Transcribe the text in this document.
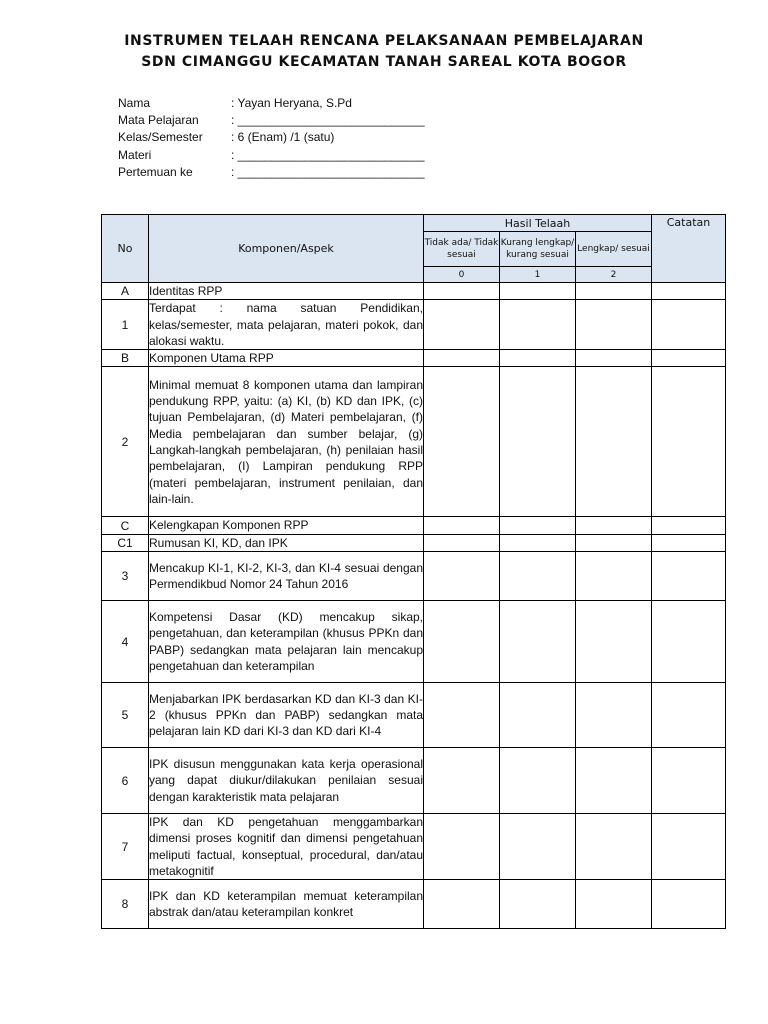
INSTRUMEN TELAAH RENCANA PELAKSANAAN PEMBELAJARAN
SDN CIMANGGU KECAMATAN TANAH SAREAL KOTA BOGOR
Nama	: Yayan Heryana, S.Pd
Mata Pelajaran	: ____________________________
Kelas/Semester	: 6 (Enam) /1 (satu)
Materi	: ____________________________
Pertemuan ke	: ____________________________
No	Komponen/Aspek	Hasil Telaah			Catatan
		Tidak ada/ Tidak sesuai	Kurang lengkap/ kurang sesuai	Lengkap/ sesuai	
		0	1	2	
A	Identitas RPP				
1	Terdapat : nama satuan Pendidikan, kelas/semester, mata pelajaran, materi pokok, dan alokasi waktu.				
B	Komponen Utama RPP				
2	Minimal memuat 8 komponen utama dan lampiran pendukung RPP, yaitu: (a) KI, (b) KD dan IPK, (c) tujuan Pembelajaran, (d) Materi pembelajaran, (f) Media pembelajaran dan sumber belajar, (g) Langkah-langkah pembelajaran, (h) penilaian hasil pembelajaran, (I) Lampiran pendukung RPP (materi pembelajaran, instrument penilaian, dan lain-lain.				
C	Kelengkapan Komponen RPP				
C1	Rumusan KI, KD, dan IPK				
3	Mencakup KI-1, KI-2, KI-3, dan KI-4 sesuai dengan Permendikbud Nomor 24 Tahun 2016				
4	Kompetensi Dasar (KD) mencakup sikap, pengetahuan, dan keterampilan (khusus PPKn dan PABP) sedangkan mata pelajaran lain mencakup pengetahuan dan keterampilan				
5	Menjabarkan IPK berdasarkan KD dan KI-3 dan KI-2 (khusus PPKn dan PABP) sedangkan mata pelajaran lain KD dari KI-3 dan KD dari KI-4				
6	IPK disusun menggunakan kata kerja operasional yang dapat diukur/dilakukan penilaian sesuai dengan karakteristik mata pelajaran				
7	IPK dan KD pengetahuan menggambarkan dimensi proses kognitif dan dimensi pengetahuan meliputi factual, konseptual, procedural, dan/atau metakognitif				
8	IPK dan KD keterampilan memuat keterampilan abstrak dan/atau keterampilan konkret				
